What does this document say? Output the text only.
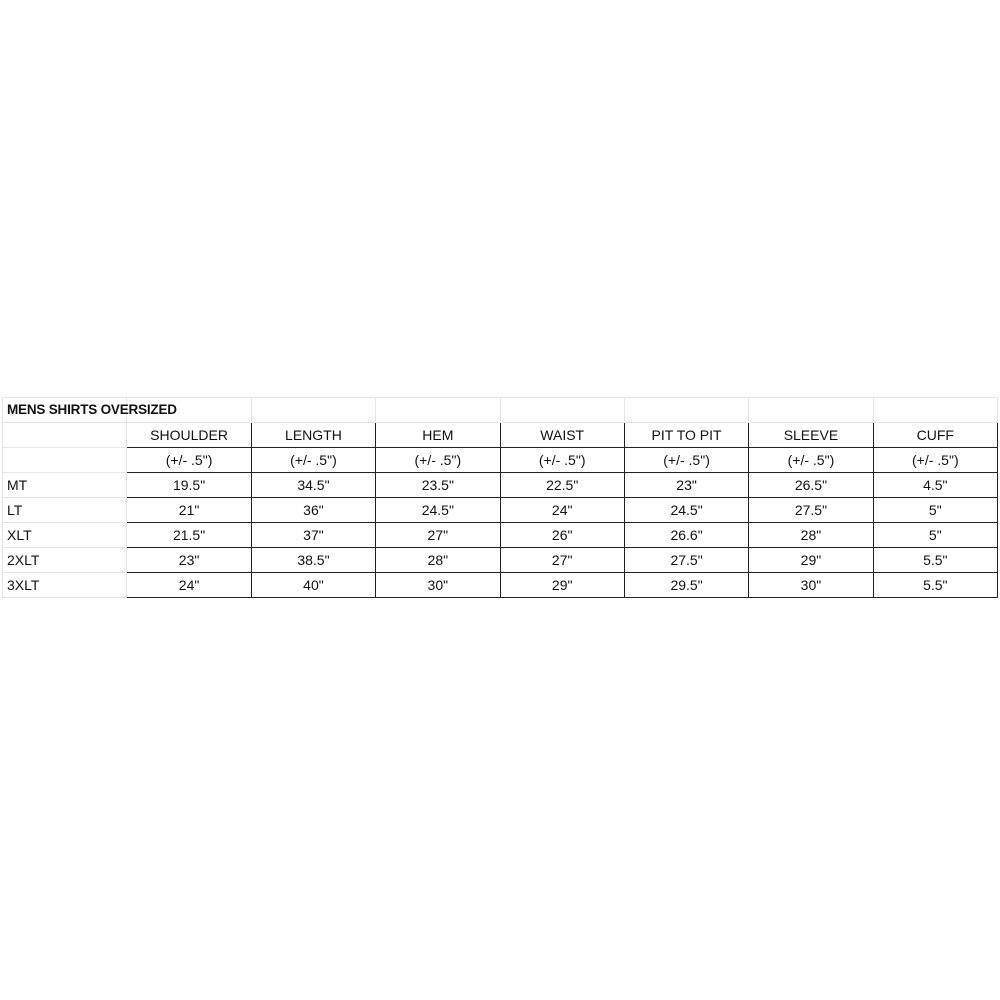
MENS SHIRTS OVERSIZED							
	SHOULDER	LENGTH	HEM	WAIST	PIT TO PIT	SLEEVE	CUFF
	(+/- .5")	(+/- .5")	(+/- .5")	(+/- .5")	(+/- .5")	(+/- .5")	(+/- .5")
MT	19.5"	34.5"	23.5"	22.5"	23"	26.5"	4.5"
LT	21"	36"	24.5"	24"	24.5"	27.5"	5"
XLT	21.5"	37"	27"	26"	26.6"	28"	5"
2XLT	23"	38.5"	28"	27"	27.5"	29"	5.5"
3XLT	24"	40"	30"	29"	29.5"	30"	5.5"
